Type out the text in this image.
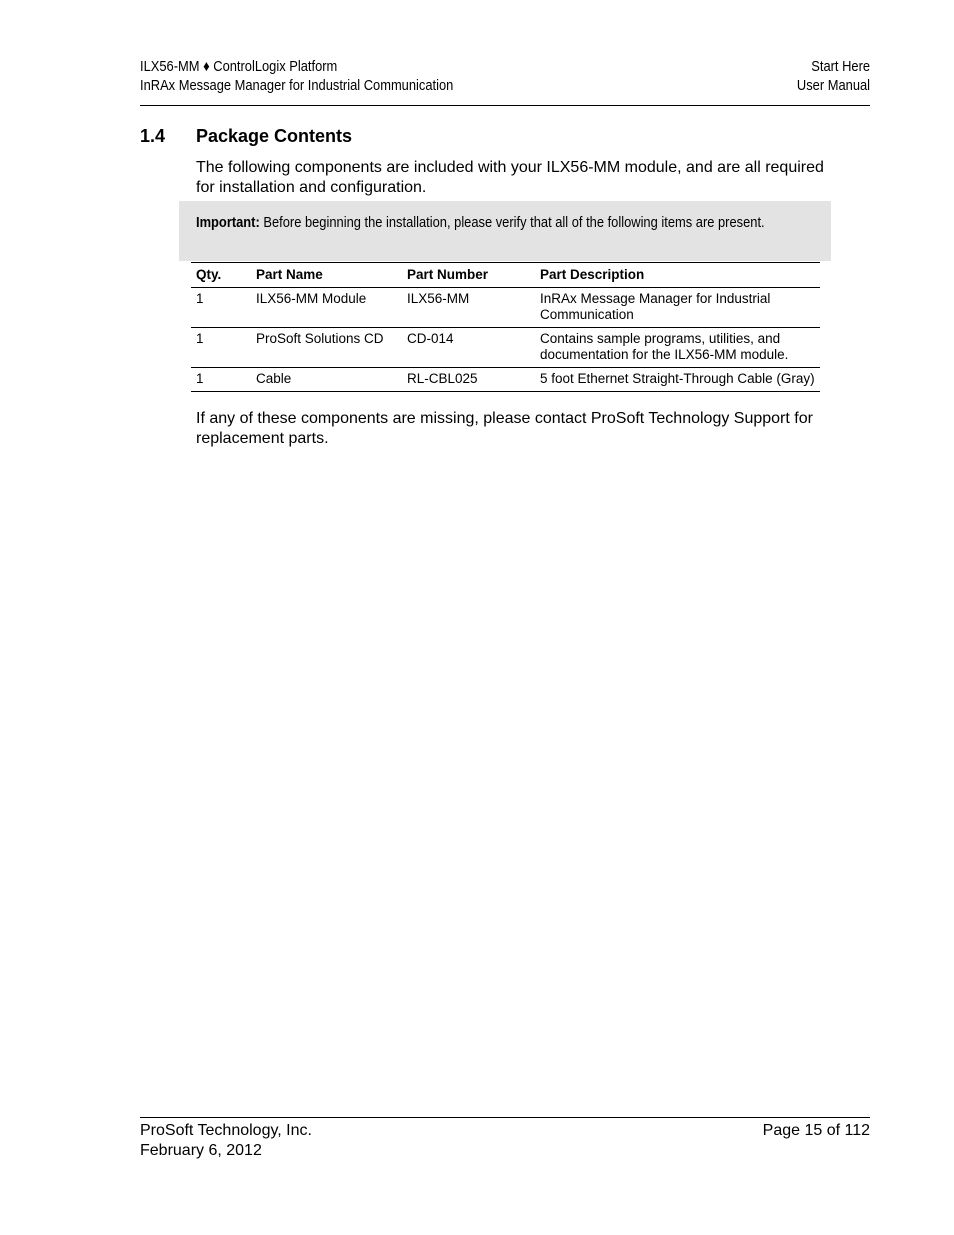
ILX56-MM ♦ ControlLogix Platform
InRAx Message Manager for Industrial Communication
Start Here
User Manual
1.4 Package Contents
The following components are included with your ILX56-MM module, and are all required for installation and configuration.
Important: Before beginning the installation, please verify that all of the following items are present.
Qty.	Part Name	Part Number	Part Description
1	ILX56-MM Module	ILX56-MM	InRAx Message Manager for Industrial Communication
1	ProSoft Solutions CD	CD-014	Contains sample programs, utilities, and documentation for the ILX56-MM module.
1	Cable	RL-CBL025	5 foot Ethernet Straight-Through Cable (Gray)
If any of these components are missing, please contact ProSoft Technology Support for replacement parts.
ProSoft Technology, Inc.
February 6, 2012
Page 15 of 112
